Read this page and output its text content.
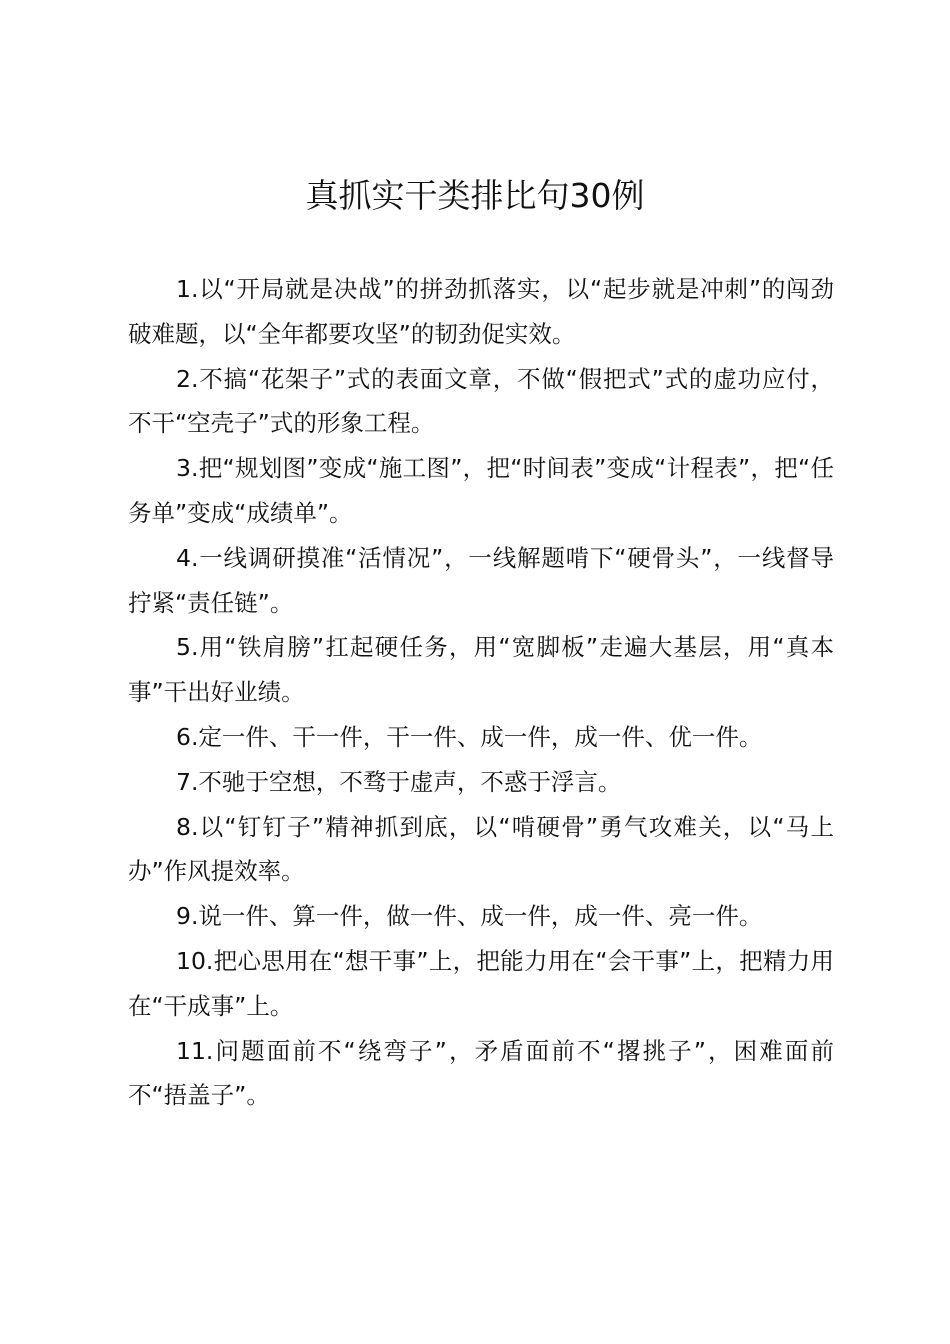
真抓实干类排比句30例

1.以“开局就是决战”的拼劲抓落实，以“起步就是冲刺”的闯劲破难题，以“全年都要攻坚”的韧劲促实效。

2.不搞“花架子”式的表面文章，不做“假把式”式的虚功应付，不干“空壳子”式的形象工程。

3.把“规划图”变成“施工图”，把“时间表”变成“计程表”，把“任务单”变成“成绩单”。

4.一线调研摸准“活情况”，一线解题啃下“硬骨头”，一线督导拧紧“责任链”。

5.用“铁肩膀”扛起硬任务，用“宽脚板”走遍大基层，用“真本事”干出好业绩。

6.定一件、干一件，干一件、成一件，成一件、优一件。

7.不驰于空想，不骛于虚声，不惑于浮言。

8.以“钉钉子”精神抓到底，以“啃硬骨”勇气攻难关，以“马上办”作风提效率。

9.说一件、算一件，做一件、成一件，成一件、亮一件。

10.把心思用在“想干事”上，把能力用在“会干事”上，把精力用在“干成事”上。

11.问题面前不“绕弯子”，矛盾面前不“撂挑子”，困难面前不“捂盖子”。
